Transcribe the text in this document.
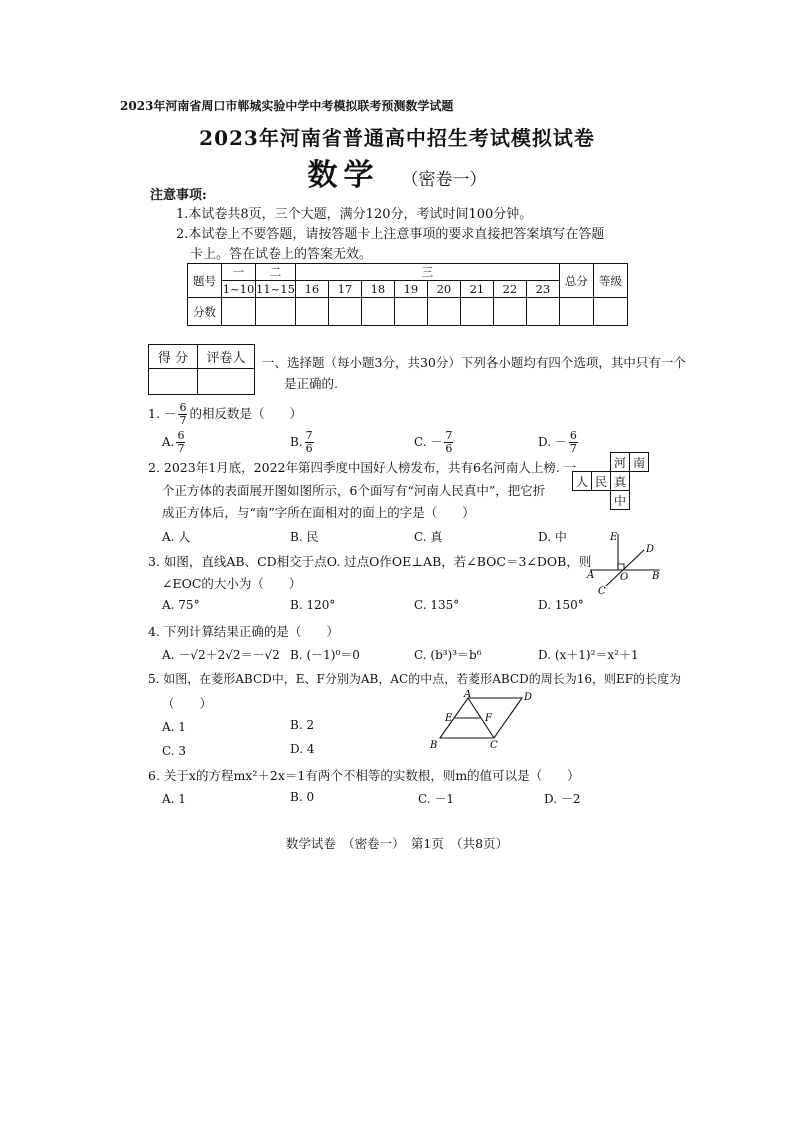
2023年河南省周口市郸城实验中学中考模拟联考预测数学试题
2023年河南省普通高中招生考试模拟试卷
数学 （密卷一）
注意事项:
1.本试卷共8页，三个大题，满分120分，考试时间100分钟。
2.本试卷上不要答题，请按答题卡上注意事项的要求直接把答案填写在答题
卡上。答在试卷上的答案无效。
题号	一	二	三								总分	等级
	1~10	11~15	16	17	18	19	20	21	22	23		
分数												
得 分	评卷人
	一、选择题（每小题3分，共30分）下列各小题均有四个选项，其中只有一个
是正确的.
1. － $\frac{6}{7}$ 的相反数是（　　）
A. $\frac{6}{7}$	B. $\frac{7}{6}$	C. － $\frac{7}{6}$	D. － $\frac{6}{7}$
2. 2023年1月底，2022年第四季度中国好人榜发布，共有6名河南人上榜. 一
个正方体的表面展开图如图所示，6个面写有“河南人民真中”，把它折
成正方体后，与“南”字所在面相对的面上的字是（　　）
A. 人	B. 民	C. 真	D. 中
		河	南
人	民	真	
		中	
3. 如图，直线AB、CD相交于点O. 过点O作OE⊥AB，若∠BOC＝3∠DOB，则
∠EOC的大小为（　　）
A. 75°	B. 120°	C. 135°	D. 150°
E
D
A	O B
C
4. 下列计算结果正确的是（　　）
A. －√2＋2√2＝－√2 B. (－1)⁰＝0	C. (b³)³＝b⁶	D. (x＋1)²＝x²＋1
5. 如图，在菱形ABCD中，E、F分别为AB，AC的中点，若菱形ABCD的周长为16，则EF的长度为
（　　）
A. 1	B. 2
C. 3	D. 4
A	D
E	F
B	C
6. 关于x的方程mx²＋2x＝1有两个不相等的实数根，则m的值可以是（　　）
A. 1	B. 0	C. －1	D. －2
数学试卷　（密卷一）　第1页　（共8页）
